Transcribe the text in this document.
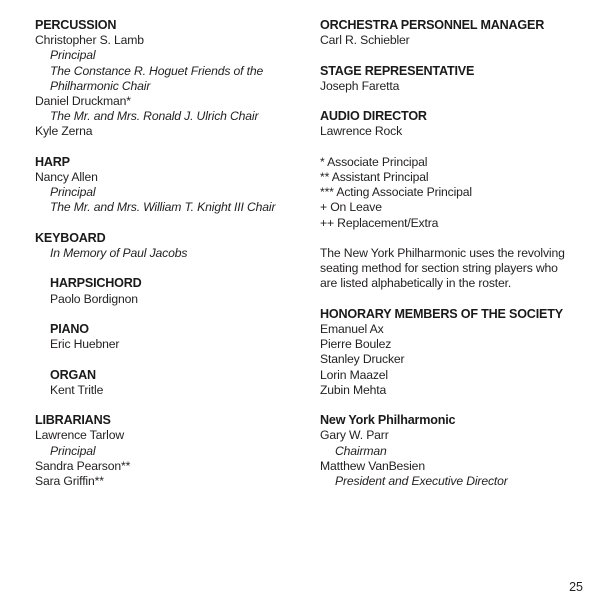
PERCUSSION
Christopher S. Lamb
Principal
The Constance R. Hoguet Friends of the
Philharmonic Chair
Daniel Druckman*
The Mr. and Mrs. Ronald J. Ulrich Chair
Kyle Zerna
HARP
Nancy Allen
Principal
The Mr. and Mrs. William T. Knight III Chair
KEYBOARD
In Memory of Paul Jacobs
HARPSICHORD
Paolo Bordignon
PIANO
Eric Huebner
ORGAN
Kent Tritle
LIBRARIANS
Lawrence Tarlow
Principal
Sandra Pearson**
Sara Griffin**
ORCHESTRA PERSONNEL MANAGER
Carl R. Schiebler
STAGE REPRESENTATIVE
Joseph Faretta
AUDIO DIRECTOR
Lawrence Rock
* Associate Principal
** Assistant Principal
*** Acting Associate Principal
+ On Leave
++ Replacement/Extra
The New York Philharmonic uses the revolving
seating method for section string players who
are listed alphabetically in the roster.
HONORARY MEMBERS OF THE SOCIETY
Emanuel Ax
Pierre Boulez
Stanley Drucker
Lorin Maazel
Zubin Mehta
New York Philharmonic
Gary W. Parr
Chairman
Matthew VanBesien
President and Executive Director
25
